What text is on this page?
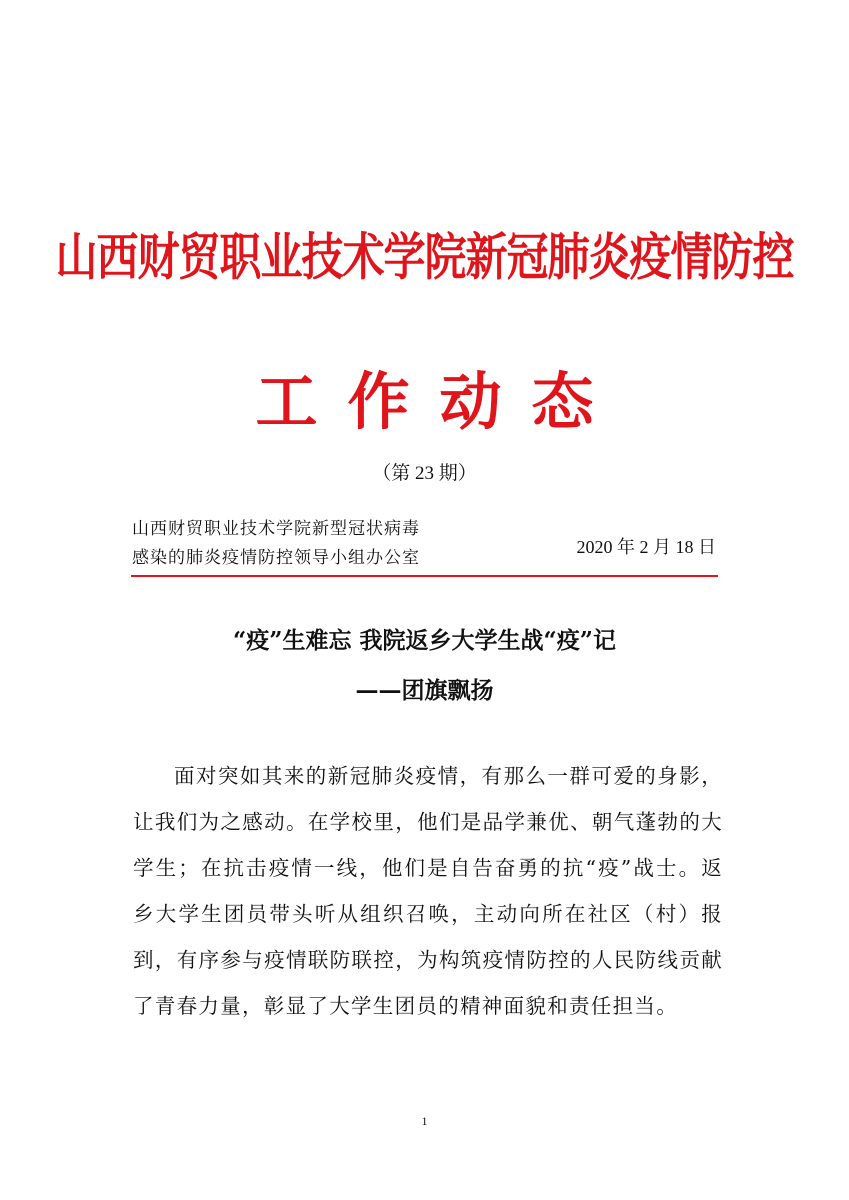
山西财贸职业技术学院新冠肺炎疫情防控
工作动态
（第 23 期）
山西财贸职业技术学院新型冠状病毒
感染的肺炎疫情防控领导小组办公室
2020 年 2 月 18 日
“疫”生难忘 我院返乡大学生战“疫”记
——团旗飘扬

面对突如其来的新冠肺炎疫情，有那么一群可爱的身影，让我们为之感动。在学校里，他们是品学兼优、朝气蓬勃的大学生；在抗击疫情一线，他们是自告奋勇的抗“疫”战士。返乡大学生团员带头听从组织召唤，主动向所在社区（村）报到，有序参与疫情联防联控，为构筑疫情防控的人民防线贡献了青春力量，彰显了大学生团员的精神面貌和责任担当。

1
